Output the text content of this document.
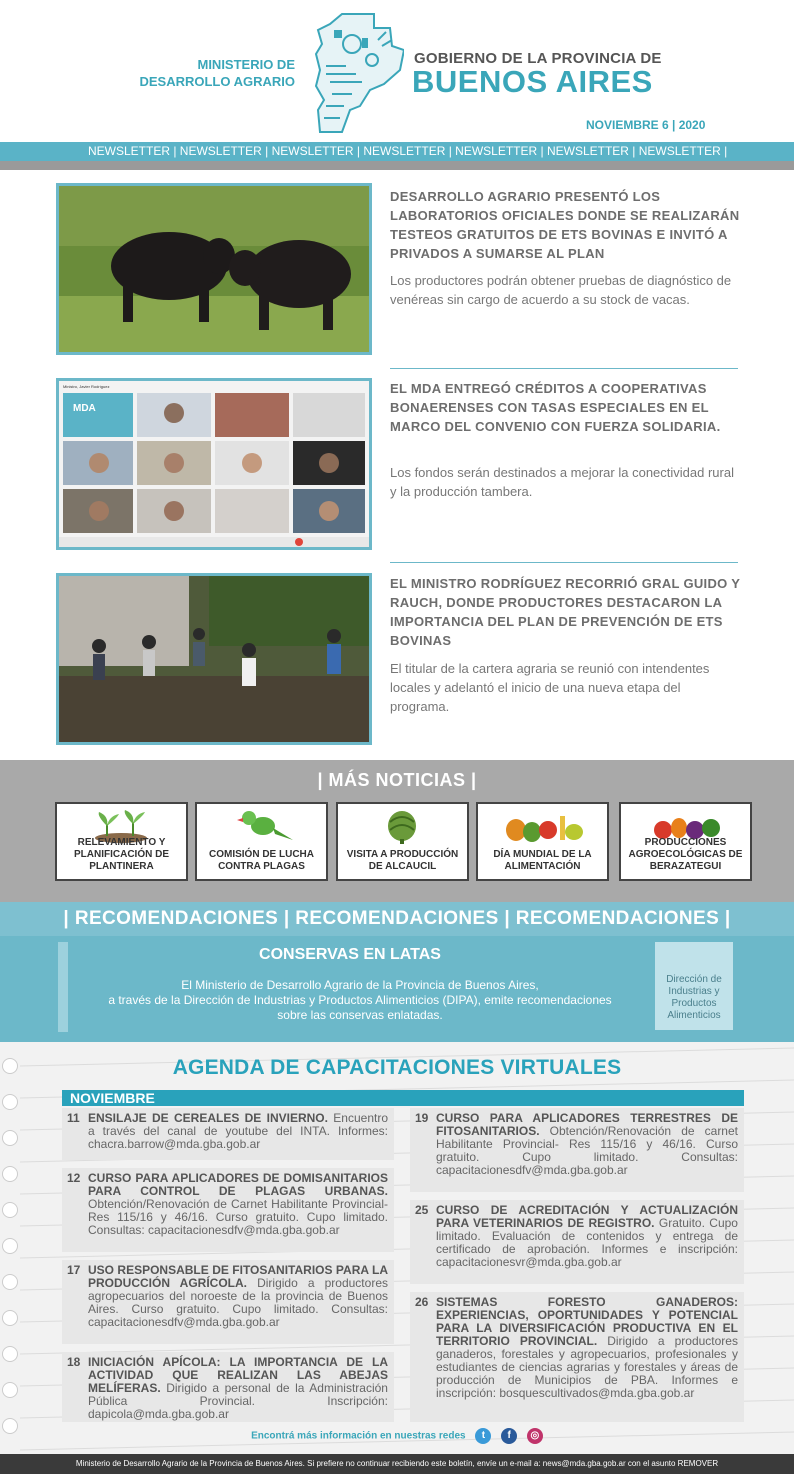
MINISTERIO DE
DESARROLLO AGRARIO
GOBIERNO DE LA PROVINCIA DE
BUENOS AIRES
NOVIEMBRE 6 | 2020
NEWSLETTER | NEWSLETTER | NEWSLETTER | NEWSLETTER | NEWSLETTER | NEWSLETTER | NEWSLETTER |
DESARROLLO AGRARIO PRESENTÓ LOS LABORATORIOS OFICIALES DONDE SE REALIZARÁN TESTEOS GRATUITOS DE ETS BOVINAS E INVITÓ A PRIVADOS A SUMARSE AL PLAN
Los productores podrán obtener pruebas de diagnóstico de venéreas sin cargo de acuerdo a su stock de vacas.
Ministro, Javier Rodríguez
MDA
EL MDA ENTREGÓ CRÉDITOS A COOPERATIVAS BONAERENSES CON TASAS ESPECIALES EN EL MARCO DEL CONVENIO CON FUERZA SOLIDARIA.
Los fondos serán destinados a mejorar la conectividad rural y la producción tambera.
EL MINISTRO RODRÍGUEZ RECORRIÓ GRAL GUIDO Y RAUCH, DONDE PRODUCTORES DESTACARON LA IMPORTANCIA DEL PLAN DE PREVENCIÓN DE ETS BOVINAS
El titular de la cartera agraria se reunió con intendentes locales y adelantó el inicio de una nueva etapa del programa.
| MÁS NOTICIAS |
RELEVAMIENTO Y PLANIFICACIÓN DE PLANTINERA
COMISIÓN DE LUCHA CONTRA PLAGAS
VISITA A PRODUCCIÓN DE ALCAUCIL
DÍA MUNDIAL DE LA ALIMENTACIÓN
PRODUCCIONES AGROECOLÓGICAS DE BERAZATEGUI
| RECOMENDACIONES | RECOMENDACIONES | RECOMENDACIONES |
CONSERVAS EN LATAS
El Ministerio de Desarrollo Agrario de la Provincia de Buenos Aires,
a través de la Dirección de Industrias y Productos Alimenticios (DIPA), emite recomendaciones
sobre las conservas enlatadas.
Dirección de Industrias y Productos Alimenticios
AGENDA DE CAPACITACIONES VIRTUALES
NOVIEMBRE
11 ENSILAJE DE CEREALES DE INVIERNO. Encuentro a través del canal de youtube del INTA. Informes: chacra.barrow@mda.gba.gob.ar
12 CURSO PARA APLICADORES DE DOMISANITARIOS PARA CONTROL DE PLAGAS URBANAS. Obtención/Renovación de Carnet Habilitante Provincial- Res 115/16 y 46/16. Curso gratuito. Cupo limitado. Consultas: capacitacionesdfv@mda.gba.gob.ar
17 USO RESPONSABLE DE FITOSANITARIOS PARA LA PRODUCCIÓN AGRÍCOLA. Dirigido a productores agropecuarios del noroeste de la provincia de Buenos Aires. Curso gratuito. Cupo limitado. Consultas: capacitacionesdfv@mda.gba.gob.ar
18 INICIACIÓN APÍCOLA: LA IMPORTANCIA DE LA ACTIVIDAD QUE REALIZAN LAS ABEJAS MELÍFERAS. Dirigido a personal de la Administración Pública Provincial. Inscripción: dapicola@mda.gba.gob.ar
19 CURSO PARA APLICADORES TERRESTRES DE FITOSANITARIOS. Obtención/Renovación de carnet Habilitante Provincial- Res 115/16 y 46/16. Curso gratuito. Cupo limitado. Consultas: capacitacionesdfv@mda.gba.gob.ar
25 CURSO DE ACREDITACIÓN Y ACTUALIZACIÓN PARA VETERINARIOS DE REGISTRO. Gratuito. Cupo limitado. Evaluación de contenidos y entrega de certificado de aprobación. Informes e inscripción: capacitacionesvr@mda.gba.gob.ar
26 SISTEMAS FORESTO GANADEROS: EXPERIENCIAS, OPORTUNIDADES Y POTENCIAL PARA LA DIVERSIFICACIÓN PRODUCTIVA EN EL TERRITORIO PROVINCIAL. Dirigido a productores ganaderos, forestales y agropecuarios, profesionales y estudiantes de ciencias agrarias y forestales y áreas de producción de Municipios de PBA. Informes e inscripción: bosquescultivados@mda.gba.gob.ar
Encontrá más información en nuestras redes t f ◎
Ministerio de Desarrollo Agrario de la Provincia de Buenos Aires. Si prefiere no continuar recibiendo este boletín, envíe un e-mail a: news@mda.gba.gob.ar con el asunto REMOVER
